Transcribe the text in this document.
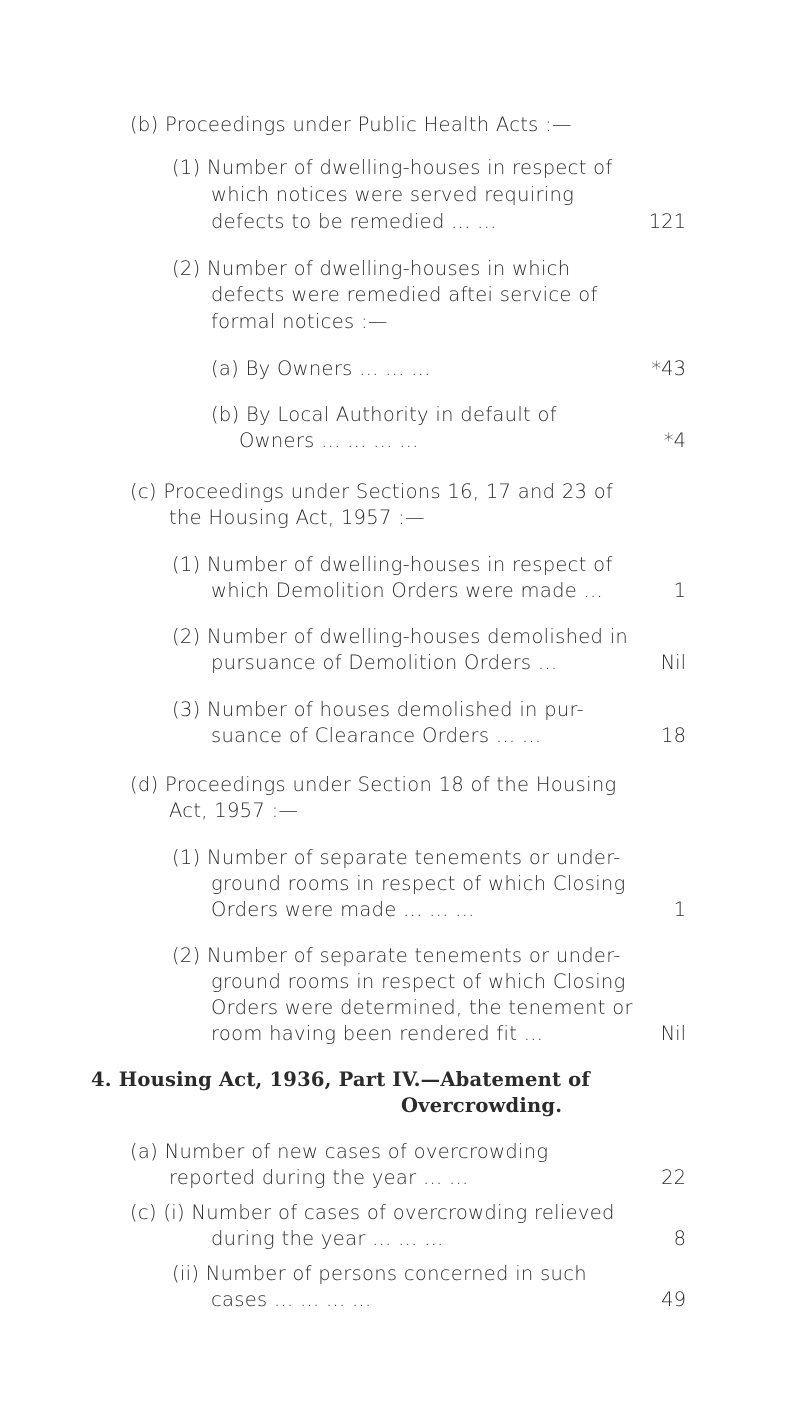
(b) Proceedings under Public Health Acts :—

(1) Number of dwelling-houses in respect of

which notices were served requiring

defects to be remedied ... ...	121

(2) Number of dwelling-houses in which

defects were remedied aftei service of

formal notices :—

(a) By Owners ... ... ...	*43

(b) By Local Authority in default of

Owners ... ... ... ...	*4

(c) Proceedings under Sections 16, 17 and 23 of

the Housing Act, 1957 :—

(1) Number of dwelling-houses in respect of

which Demolition Orders were made ...	1

(2) Number of dwelling-houses demolished in

pursuance of Demolition Orders ...	Nil

(3) Number of houses demolished in pur-

suance of Clearance Orders ... ...	18

(d) Proceedings under Section 18 of the Housing

Act, 1957 :—

(1) Number of separate tenements or under-

ground rooms in respect of which Closing

Orders were made ... ... ...	1

(2) Number of separate tenements or under-

ground rooms in respect of which Closing

Orders were determined, the tenement or

room having been rendered fit ...	Nil

4. Housing Act, 1936, Part IV.—Abatement of

Overcrowding.

(a) Number of new cases of overcrowding

reported during the year ... ...	22

(c) (i) Number of cases of overcrowding relieved

during the year ... ... ...	8

(ii) Number of persons concerned in such

cases ... ... ... ...	49
